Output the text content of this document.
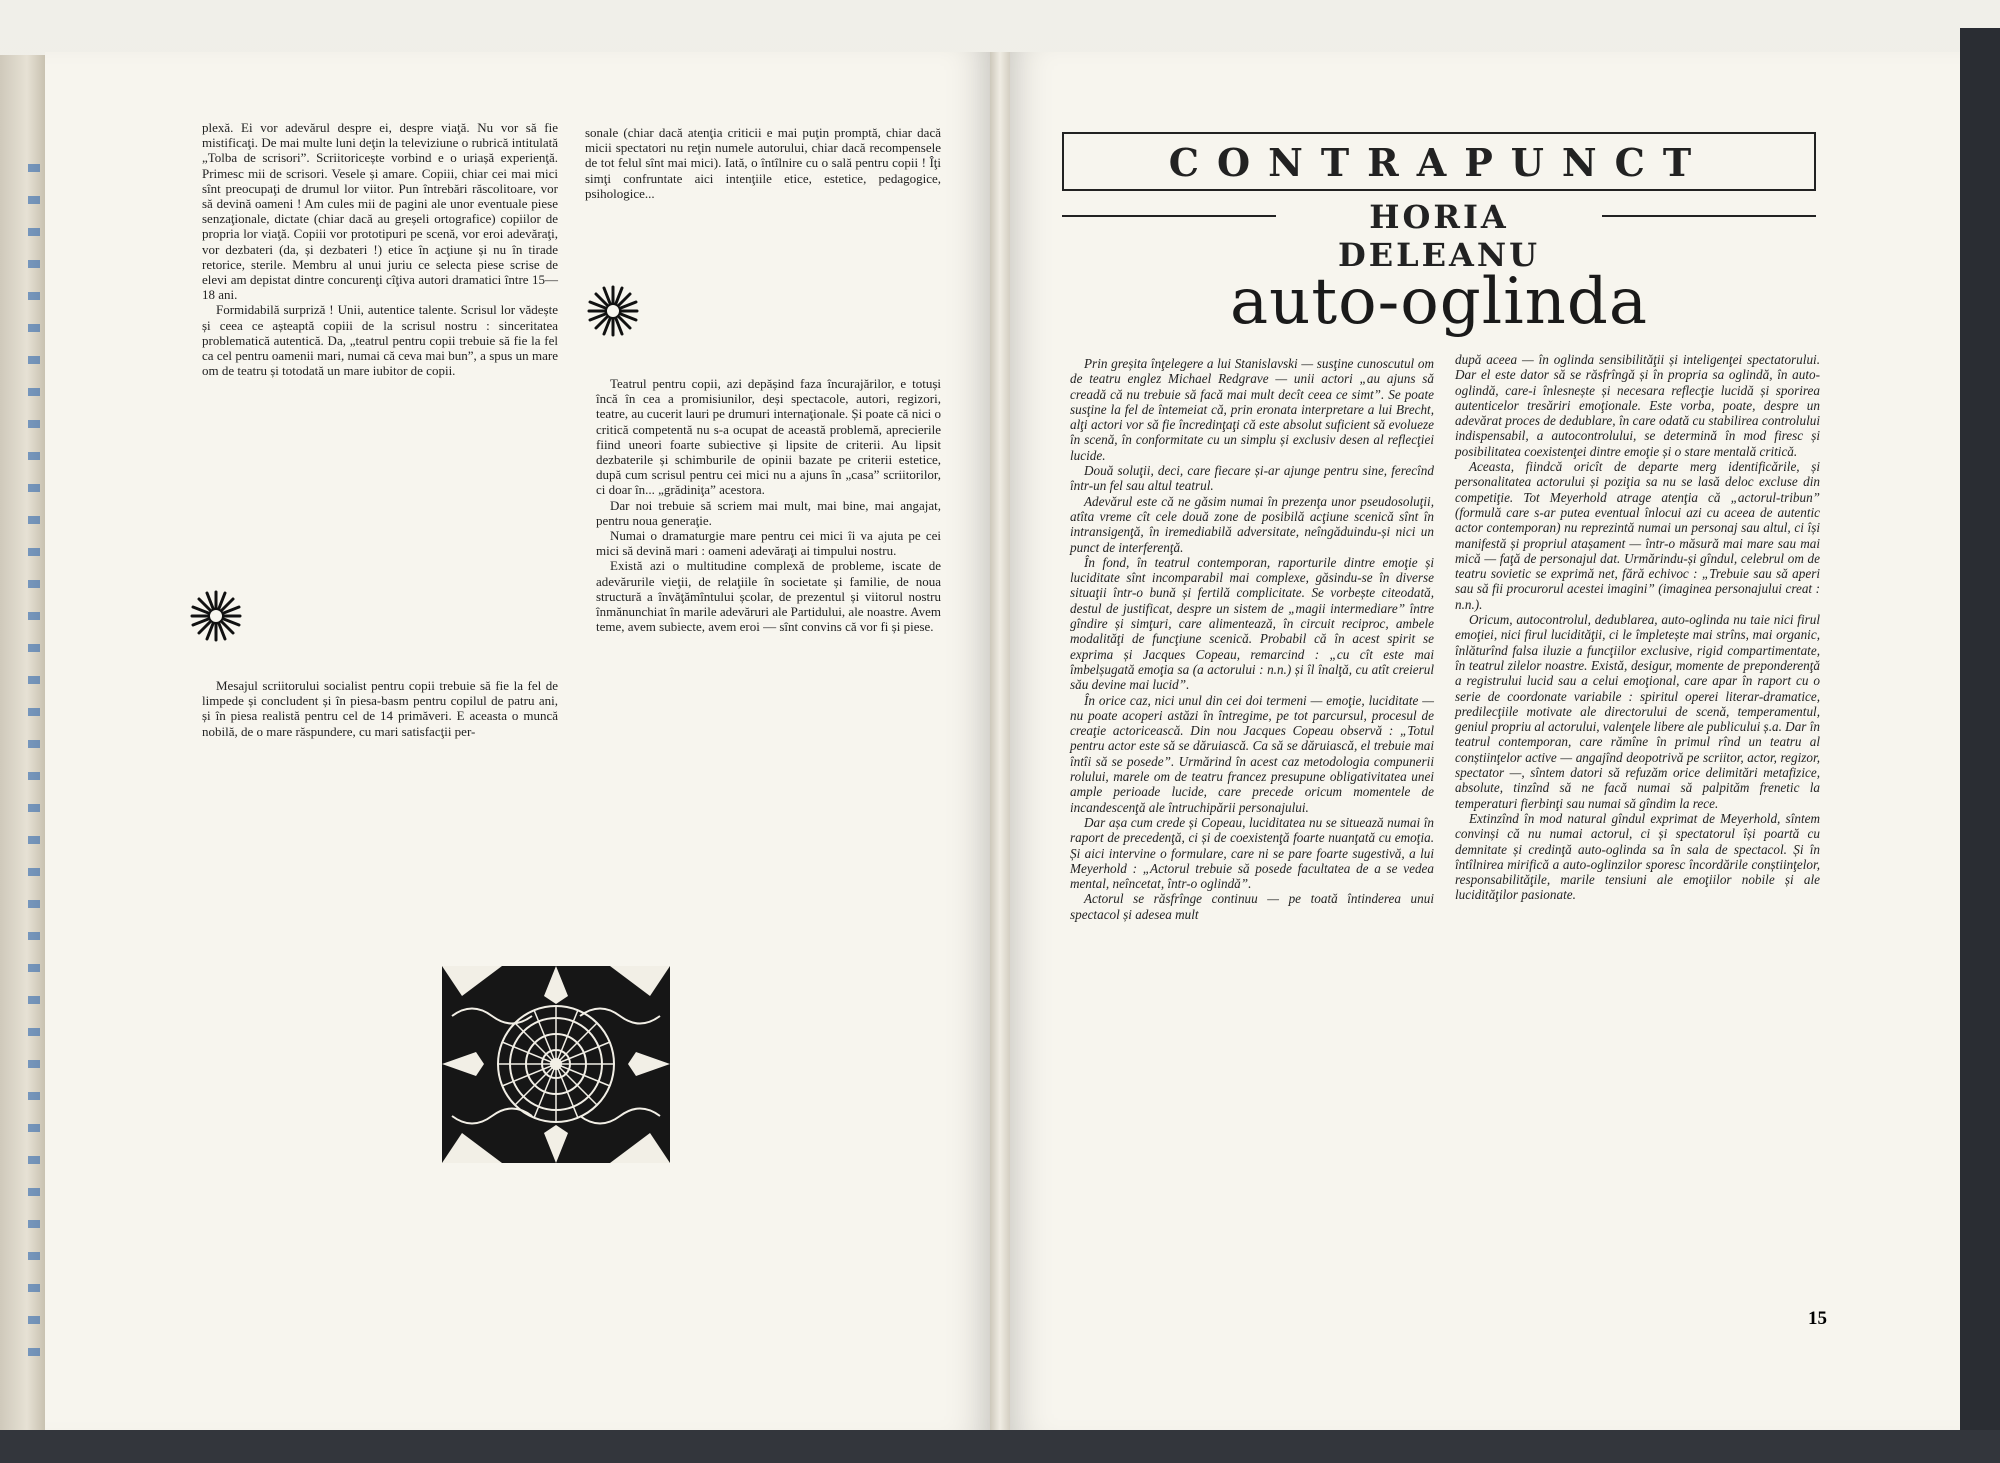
plexă. Ei vor adevărul despre ei, despre viaţă. Nu vor să fie mistificaţi. De mai multe luni deţin la televiziune o rubrică intitulată „Tolba de scrisori”. Scriitoricește vorbind e o uriașă experienţă. Primesc mii de scrisori. Vesele și amare. Copiii, chiar cei mai mici sînt preocupaţi de drumul lor viitor. Pun întrebări răscolitoare, vor să devină oameni ! Am cules mii de pagini ale unor eventuale piese senzaţionale, dictate (chiar dacă au greșeli ortografice) copiilor de propria lor viaţă. Copiii vor prototipuri pe scenă, vor eroi adevăraţi, vor dezbateri (da, și dezbateri !) etice în acţiune și nu în tirade retorice, sterile. Membru al unui juriu ce selecta piese scrise de elevi am depistat dintre concurenţi cîţiva autori dramatici între 15—18 ani.

Formidabilă surpriză ! Unii, autentice talente. Scrisul lor vădește și ceea ce așteaptă copiii de la scrisul nostru : sinceritatea problematică autentică. Da, „teatrul pentru copii trebuie să fie la fel ca cel pentru oamenii mari, numai că ceva mai bun”, a spus un mare om de teatru și totodată un mare iubitor de copii.

Mesajul scriitorului socialist pentru copii trebuie să fie la fel de limpede și concludent și în piesa-basm pentru copilul de patru ani, și în piesa realistă pentru cel de 14 primăveri. E aceasta o muncă nobilă, de o mare răspundere, cu mari satisfacţii per-

sonale (chiar dacă atenţia criticii e mai puţin promptă, chiar dacă micii spectatori nu reţin numele autorului, chiar dacă recompensele de tot felul sînt mai mici). Iată, o întîlnire cu o sală pentru copii ! Îţi simţi confruntate aici intenţiile etice, estetice, pedagogice, psihologice...

Teatrul pentru copii, azi depășind faza încurajărilor, e totuși încă în cea a promisiunilor, deși spectacole, autori, regizori, teatre, au cucerit lauri pe drumuri internaţionale. Și poate că nici o critică competentă nu s-a ocupat de această problemă, aprecierile fiind uneori foarte subiective și lipsite de criterii. Au lipsit dezbaterile și schimburile de opinii bazate pe criterii estetice, după cum scrisul pentru cei mici nu a ajuns în „casa” scriitorilor, ci doar în... „grădiniţa” acestora.

Dar noi trebuie să scriem mai mult, mai bine, mai angajat, pentru noua generaţie.

Numai o dramaturgie mare pentru cei mici îi va ajuta pe cei mici să devină mari : oameni adevăraţi ai timpului nostru.

Există azi o multitudine complexă de probleme, iscate de adevărurile vieţii, de relaţiile în societate și familie, de noua structură a învăţămîntului școlar, de prezentul și viitorul nostru înmănunchiat în marile adevăruri ale Partidului, ale noastre. Avem teme, avem subiecte, avem eroi — sînt convins că vor fi și piese.

CONTRAPUNCT
HORIA DELEANU
auto-oglinda

Prin greșita înţelegere a lui Stanislavski — susţine cunoscutul om de teatru englez Michael Redgrave — unii actori „au ajuns să creadă că nu trebuie să facă mai mult decît ceea ce simt”. Se poate susţine la fel de întemeiat că, prin eronata interpretare a lui Brecht, alţi actori vor să fie încredinţaţi că este absolut suficient să evolueze în scenă, în conformitate cu un simplu și exclusiv desen al reflecţiei lucide.

Două soluţii, deci, care fiecare și-ar ajunge pentru sine, ferecînd într-un fel sau altul teatrul.

Adevărul este că ne găsim numai în prezenţa unor pseudosoluţii, atîta vreme cît cele două zone de posibilă acţiune scenică sînt în intransigenţă, în iremediabilă adversitate, neîngăduindu-și nici un punct de interferenţă.

În fond, în teatrul contemporan, raporturile dintre emoţie și luciditate sînt incomparabil mai complexe, găsindu-se în diverse situaţii într-o bună și fertilă complicitate. Se vorbește citeodată, destul de justificat, despre un sistem de „magii intermediare” între gîndire și simţuri, care alimentează, în circuit reciproc, ambele modalităţi de funcţiune scenică. Probabil că în acest spirit se exprima și Jacques Copeau, remarcind : „cu cît este mai îmbelșugată emoţia sa (a actorului : n.n.) și îl înalţă, cu atît creierul său devine mai lucid”.

În orice caz, nici unul din cei doi termeni — emoţie, luciditate — nu poate acoperi astăzi în întregime, pe tot parcursul, procesul de creaţie actoricească. Din nou Jacques Copeau observă : „Totul pentru actor este să se dăruiască. Ca să se dăruiască, el trebuie mai întîi să se posede”. Urmărind în acest caz metodologia compunerii rolului, marele om de teatru francez presupune obligativitatea unei ample perioade lucide, care precede oricum momentele de incandescenţă ale întruchipării personajului.

Dar așa cum crede și Copeau, luciditatea nu se situează numai în raport de precedenţă, ci și de coexistenţă foarte nuanţată cu emoţia. Și aici intervine o formulare, care ni se pare foarte sugestivă, a lui Meyerhold : „Actorul trebuie să posede facultatea de a se vedea mental, neîncetat, într-o oglindă”.

Actorul se răsfrînge continuu — pe toată întinderea unui spectacol și adesea mult

după aceea — în oglinda sensibilităţii și inteligenţei spectatorului. Dar el este dator să se răsfrîngă și în propria sa oglindă, în auto-oglindă, care-i înlesnește și necesara reflecţie lucidă și sporirea autenticelor tresăriri emoţionale. Este vorba, poate, despre un adevărat proces de dedublare, în care odată cu stabilirea controlului indispensabil, a autocontrolului, se determină în mod firesc și posibilitatea coexistenţei dintre emoţie și o stare mentală critică.

Aceasta, fiindcă oricît de departe merg identificările, și personalitatea actorului și poziţia sa nu se lasă deloc excluse din competiţie. Tot Meyerhold atrage atenţia că „actorul-tribun” (formulă care s-ar putea eventual înlocui azi cu aceea de autentic actor contemporan) nu reprezintă numai un personaj sau altul, ci își manifestă și propriul atașament — într-o măsură mai mare sau mai mică — faţă de personajul dat. Urmărindu-și gîndul, celebrul om de teatru sovietic se exprimă net, fără echivoc : „Trebuie sau să aperi sau să fii procurorul acestei imagini” (imaginea personajului creat : n.n.).

Oricum, autocontrolul, dedublarea, auto-oglinda nu taie nici firul emoţiei, nici firul lucidităţii, ci le împletește mai strîns, mai organic, înlăturînd falsa iluzie a funcţiilor exclusive, rigid compartimentate, în teatrul zilelor noastre. Există, desigur, momente de preponderenţă a registrului lucid sau a celui emoţional, care apar în raport cu o serie de coordonate variabile : spiritul operei literar-dramatice, predilecţiile motivate ale directorului de scenă, temperamentul, geniul propriu al actorului, valenţele libere ale publicului ș.a. Dar în teatrul contemporan, care rămîne în primul rînd un teatru al conștiinţelor active — angajînd deopotrivă pe scriitor, actor, regizor, spectator —, sîntem datori să refuzăm orice delimitări metafizice, absolute, tinzînd să ne facă numai să palpităm frenetic la temperaturi fierbinţi sau numai să gîndim la rece.

Extinzînd în mod natural gîndul exprimat de Meyerhold, sîntem convinși că nu numai actorul, ci și spectatorul își poartă cu demnitate și credinţă auto-oglinda sa în sala de spectacol. Și în întîlnirea mirifică a auto-oglinzilor sporesc încordările conștiinţelor, responsabilităţile, marile tensiuni ale emoţiilor nobile și ale lucidităţilor pasionate.

15
